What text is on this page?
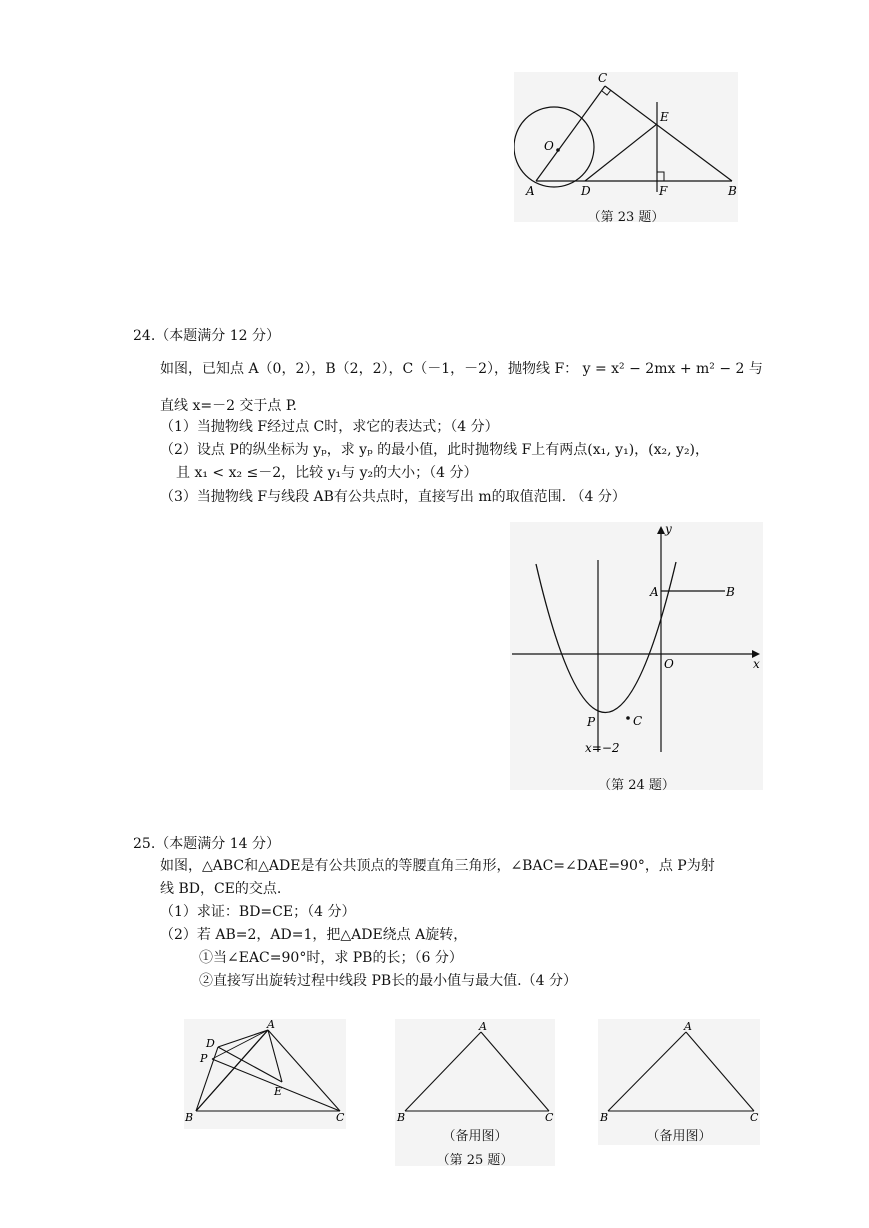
A	B
C
D
E
F
O
（第 23 题）
24.（本题满分 12 分）
如图，已知点 A（0，2），B（2，2），C（－1，－2），抛物线 F： y = x² − 2mx + m² − 2 与
直线 x=－2 交于点 P.
（1）当抛物线 F经过点 C时，求它的表达式；（4 分）
（2）设点 P的纵坐标为 yₚ，求 yₚ 的最小值，此时抛物线 F上有两点(x₁, y₁)，(x₂, y₂)，
且 x₁ < x₂ ≤－2，比较 y₁与 y₂的大小；（4 分）
（3）当抛物线 F与线段 AB有公共点时，直接写出 m的取值范围. （4 分）
y
x
A	B
O
P	C
x=−2
（第 24 题）
25.（本题满分 14 分）
如图，△ABC和△ADE是有公共顶点的等腰直角三角形，∠BAC=∠DAE=90°，点 P为射
线 BD，CE的交点.
（1）求证：BD=CE；（4 分）
（2）若 AB=2，AD=1，把△ADE绕点 A旋转，
①当∠EAC=90°时，求 PB的长；（6 分）
②直接写出旋转过程中线段 PB长的最小值与最大值.（4 分）
A
B	C
D
E
P
A
B	C
（备用图）
（第 25 题）
A
B	C
（备用图）
